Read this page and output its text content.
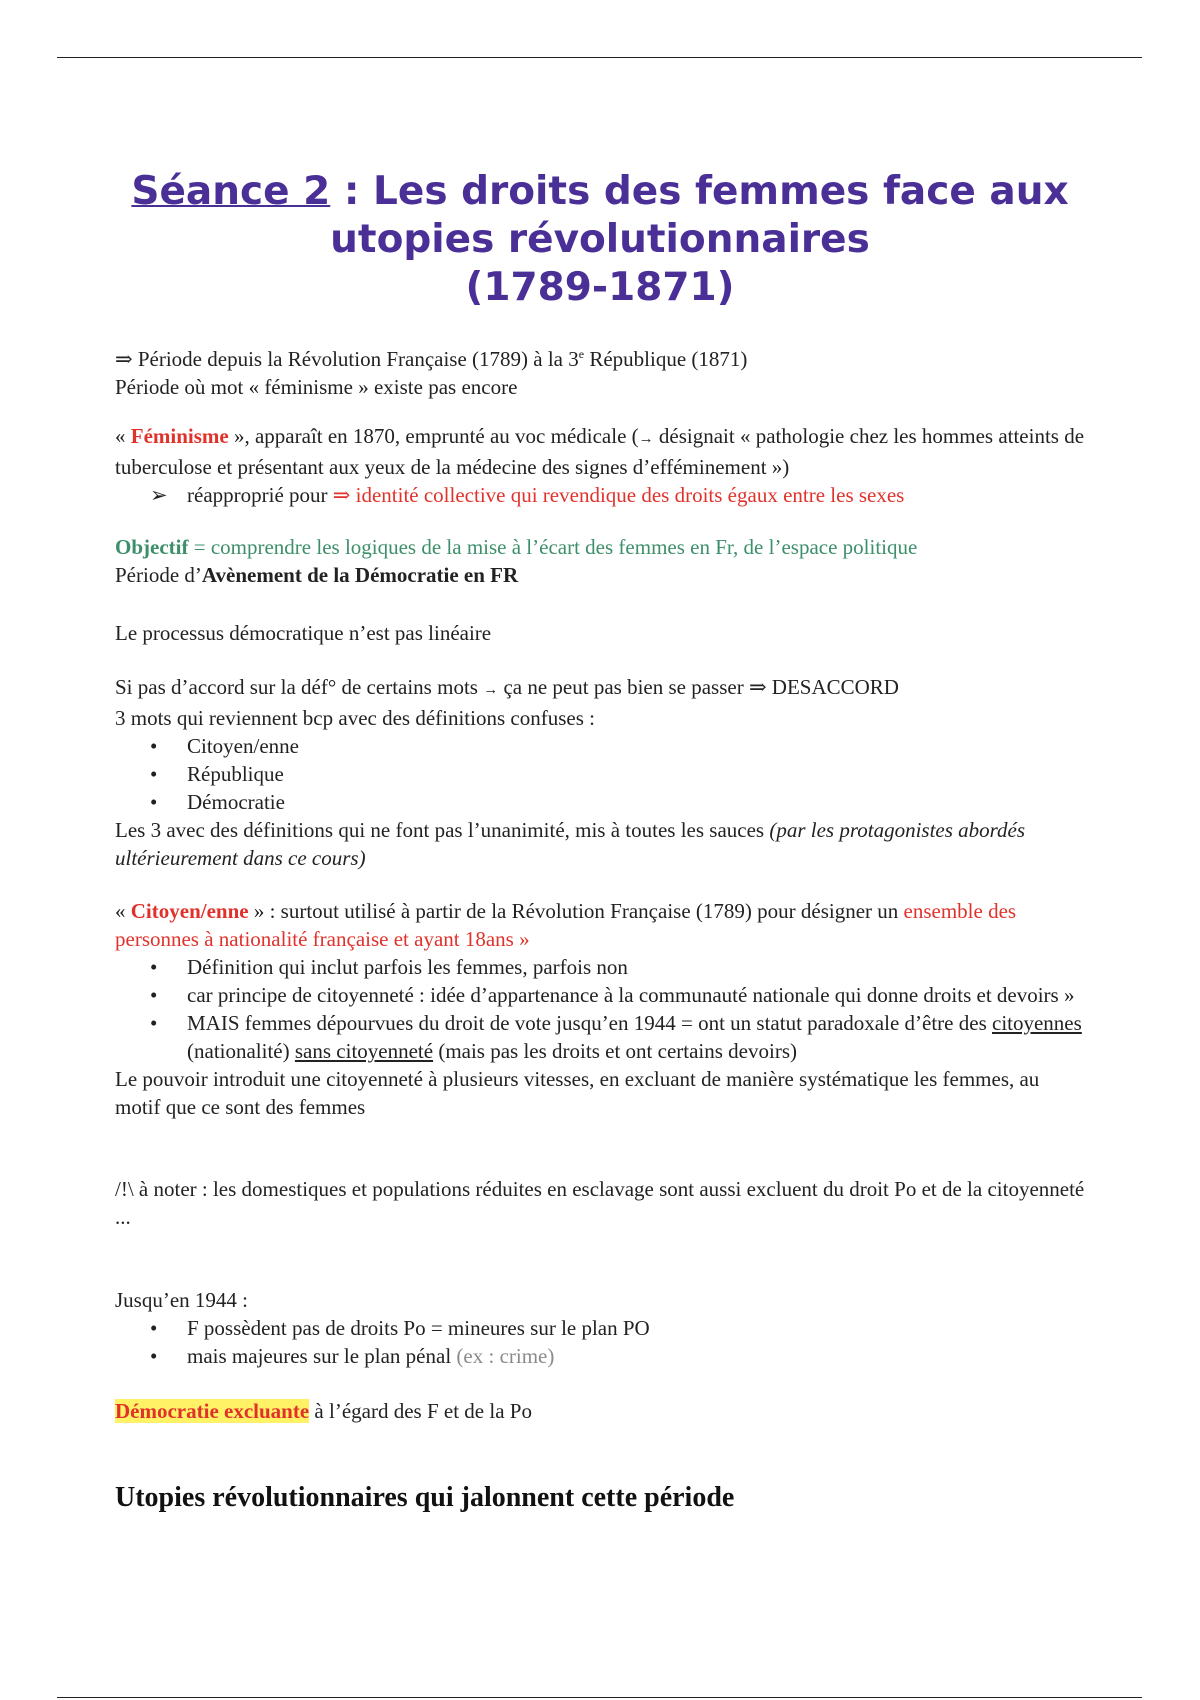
Séance 2 : Les droits des femmes face aux
utopies révolutionnaires
(1789-1871)
⇒ Période depuis la Révolution Française (1789) à la 3e République (1871)
Période où mot « féminisme » existe pas encore
« Féminisme », apparaît en 1870, emprunté au voc médicale (→ désignait « pathologie chez les hommes atteints de tuberculose et présentant aux yeux de la médecine des signes d’efféminement »)
➢ réapproprié pour ⇒ identité collective qui revendique des droits égaux entre les sexes
Objectif = comprendre les logiques de la mise à l’écart des femmes en Fr, de l’espace politique
Période d’Avènement de la Démocratie en FR
Le processus démocratique n’est pas linéaire
Si pas d’accord sur la déf° de certains mots → ça ne peut pas bien se passer ⇒ DESACCORD
3 mots qui reviennent bcp avec des définitions confuses :
• Citoyen/enne
• République
• Démocratie
Les 3 avec des définitions qui ne font pas l’unanimité, mis à toutes les sauces (par les protagonistes abordés ultérieurement dans ce cours)
« Citoyen/enne » : surtout utilisé à partir de la Révolution Française (1789) pour désigner un ensemble des personnes à nationalité française et ayant 18ans »
• Définition qui inclut parfois les femmes, parfois non
• car principe de citoyenneté : idée d’appartenance à la communauté nationale qui donne droits et devoirs »
• MAIS femmes dépourvues du droit de vote jusqu’en 1944 = ont un statut paradoxale d’être des citoyennes (nationalité) sans citoyenneté (mais pas les droits et ont certains devoirs)
Le pouvoir introduit une citoyenneté à plusieurs vitesses, en excluant de manière systématique les femmes, au motif que ce sont des femmes
/!\ à noter : les domestiques et populations réduites en esclavage sont aussi excluent du droit Po et de la citoyenneté ...
Jusqu’en 1944 :
• F possèdent pas de droits Po = mineures sur le plan PO
• mais majeures sur le plan pénal (ex : crime)
Démocratie excluante à l’égard des F et de la Po
Utopies révolutionnaires qui jalonnent cette période
